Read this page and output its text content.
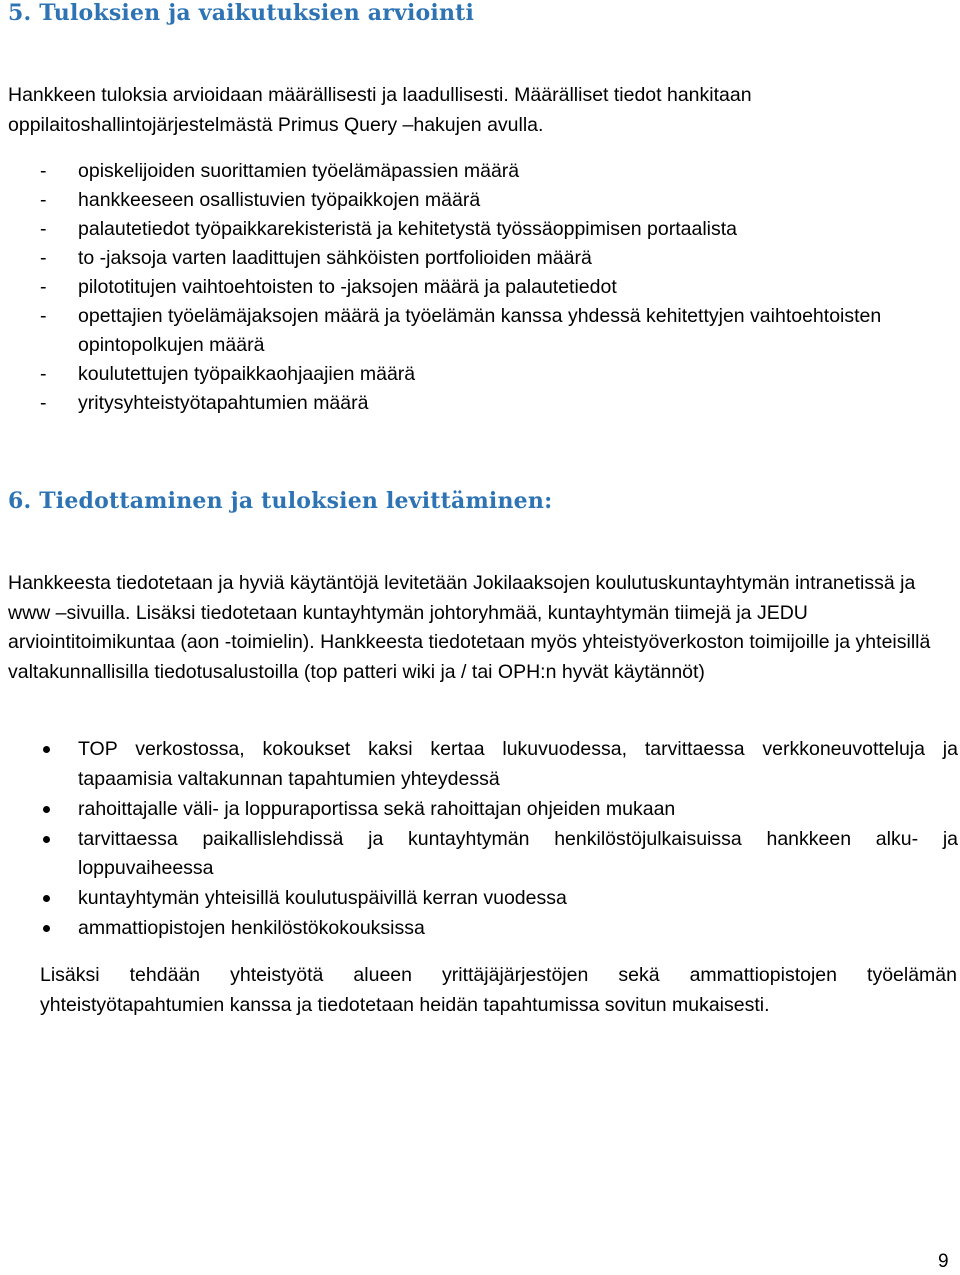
5. Tuloksien ja vaikutuksien arviointi

Hankkeen tuloksia arvioidaan määrällisesti ja laadullisesti. Määrälliset tiedot hankitaan oppilaitoshallintojärjestelmästä Primus Query –hakujen avulla.

- opiskelijoiden suorittamien työelämäpassien määrä
- hankkeeseen osallistuvien työpaikkojen määrä
- palautetiedot työpaikkarekisteristä ja kehitetystä työssäoppimisen portaalista
- to -jaksoja varten laadittujen sähköisten portfolioiden määrä
- pilototitujen vaihtoehtoisten to -jaksojen määrä ja palautetiedot
- opettajien työelämäjaksojen määrä ja työelämän kanssa yhdessä kehitettyjen vaihtoehtoisten opintopolkujen määrä
- koulutettujen työpaikkaohjaajien määrä
- yritysyhteistyötapahtumien määrä
6. Tiedottaminen ja tuloksien levittäminen:

Hankkeesta tiedotetaan ja hyviä käytäntöjä levitetään Jokilaaksojen koulutuskuntayhtymän intranetissä ja www –sivuilla. Lisäksi tiedotetaan kuntayhtymän johtoryhmää, kuntayhtymän tiimejä ja JEDU arviointitoimikuntaa (aon -toimielin). Hankkeesta tiedotetaan myös yhteistyöverkoston toimijoille ja yhteisillä valtakunnallisilla tiedotusalustoilla (top patteri wiki ja / tai OPH:n hyvät käytännöt)

TOP verkostossa, kokoukset kaksi kertaa lukuvuodessa, tarvittaessa verkkoneuvotteluja ja tapaamisia valtakunnan tapahtumien yhteydessä
rahoittajalle väli- ja loppuraportissa sekä rahoittajan ohjeiden mukaan
tarvittaessa paikallislehdissä ja kuntayhtymän henkilöstöjulkaisuissa hankkeen alku- ja loppuvaiheessa
kuntayhtymän yhteisillä koulutuspäivillä kerran vuodessa
ammattiopistojen henkilöstökokouksissa

Lisäksi tehdään yhteistyötä alueen yrittäjäjärjestöjen sekä ammattiopistojen työelämän yhteistyötapahtumien kanssa ja tiedotetaan heidän tapahtumissa sovitun mukaisesti.

9
